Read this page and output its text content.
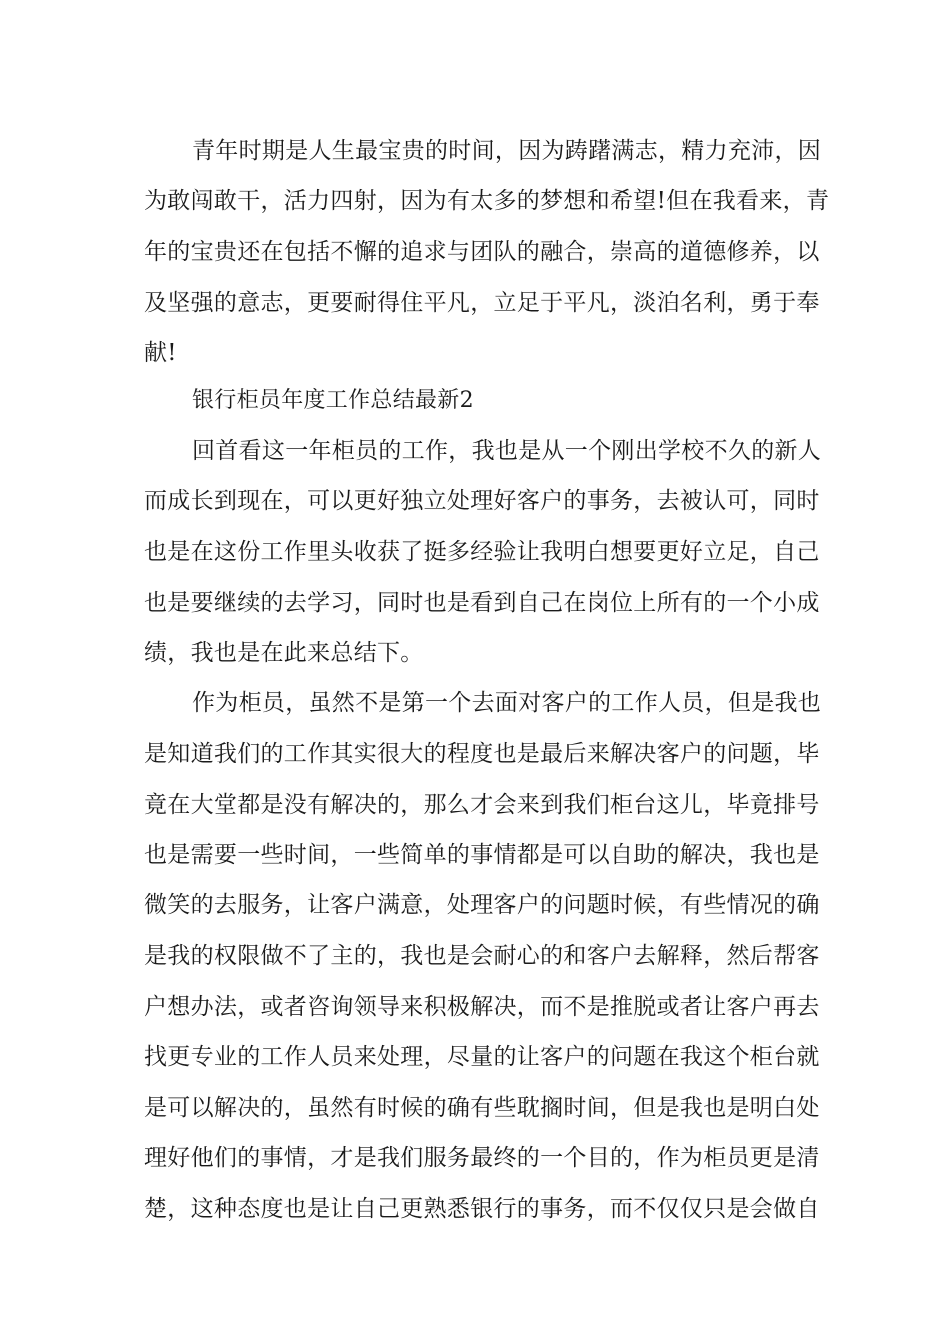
青年时期是人生最宝贵的时间，因为踌躇满志，精力充沛，因
为敢闯敢干，活力四射，因为有太多的梦想和希望!但在我看来，青
年的宝贵还在包括不懈的追求与团队的融合，崇高的道德修养，以
及坚强的意志，更要耐得住平凡，立足于平凡，淡泊名利，勇于奉
献!
银行柜员年度工作总结最新2
回首看这一年柜员的工作，我也是从一个刚出学校不久的新人
而成长到现在，可以更好独立处理好客户的事务，去被认可，同时
也是在这份工作里头收获了挺多经验让我明白想要更好立足，自己
也是要继续的去学习，同时也是看到自己在岗位上所有的一个小成
绩，我也是在此来总结下。
作为柜员，虽然不是第一个去面对客户的工作人员，但是我也
是知道我们的工作其实很大的程度也是最后来解决客户的问题，毕
竟在大堂都是没有解决的，那么才会来到我们柜台这儿，毕竟排号
也是需要一些时间，一些简单的事情都是可以自助的解决，我也是
微笑的去服务，让客户满意，处理客户的问题时候，有些情况的确
是我的权限做不了主的，我也是会耐心的和客户去解释，然后帮客
户想办法，或者咨询领导来积极解决，而不是推脱或者让客户再去
找更专业的工作人员来处理，尽量的让客户的问题在我这个柜台就
是可以解决的，虽然有时候的确有些耽搁时间，但是我也是明白处
理好他们的事情，才是我们服务最终的一个目的，作为柜员更是清
楚，这种态度也是让自己更熟悉银行的事务，而不仅仅只是会做自
